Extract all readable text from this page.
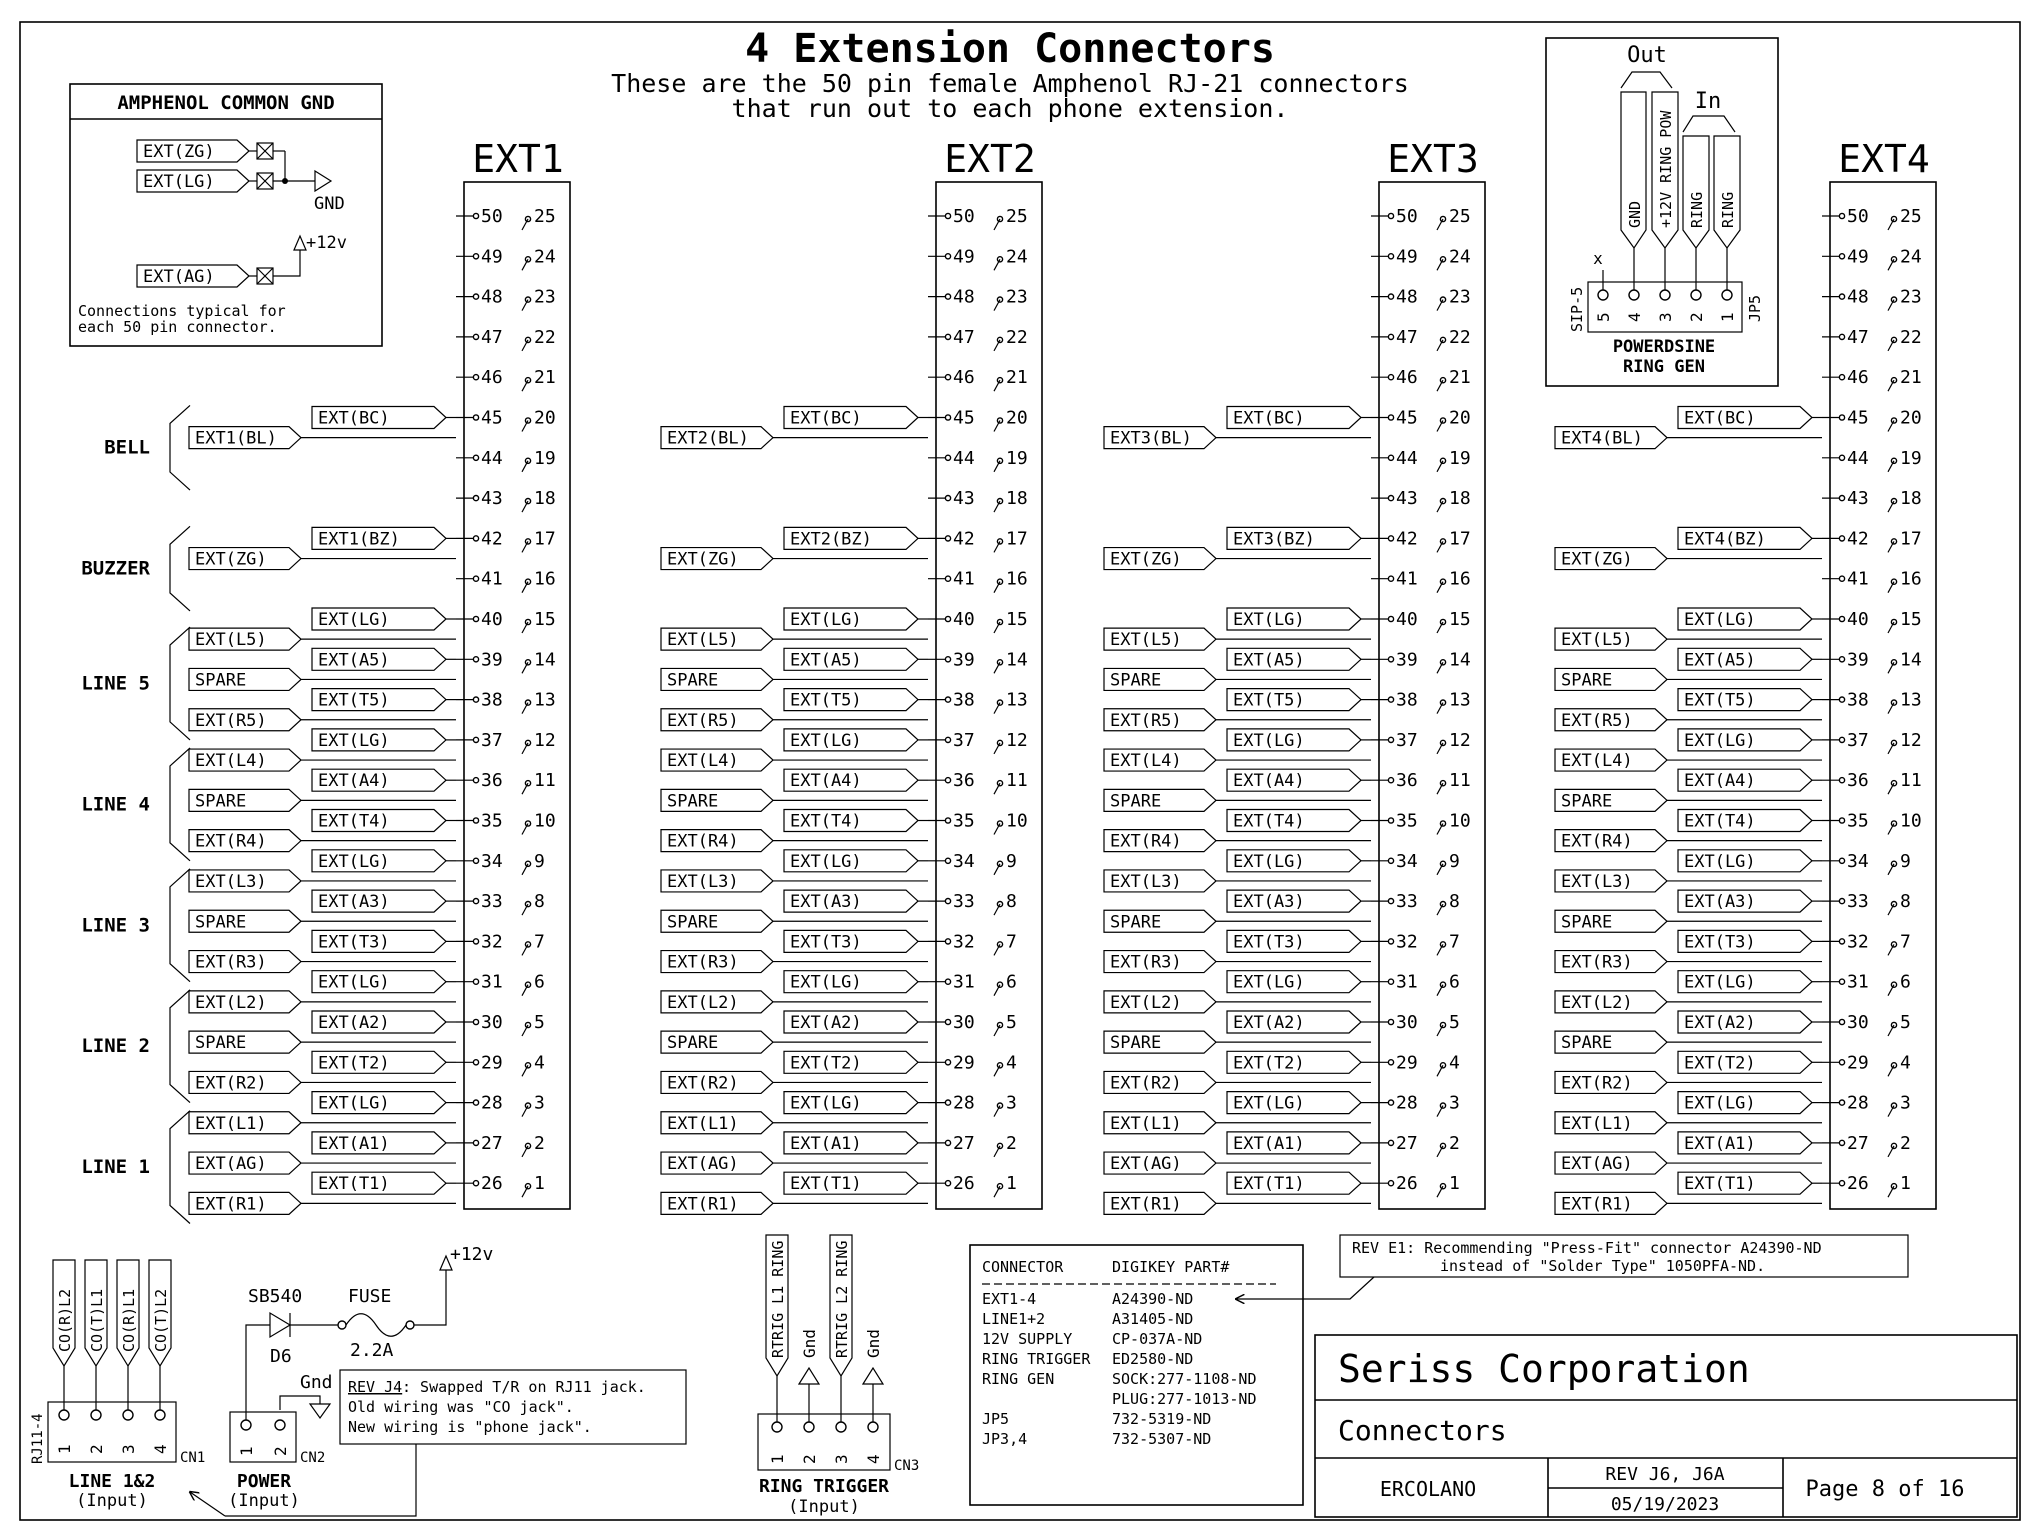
4 Extension Connectors
These are the 50 pin female Amphenol RJ-21 connectors
that run out to each phone extension.
AMPHENOL COMMON GND
EXT(ZG)
EXT(LG)
GND
EXT(AG)
+12v
Connections typical for
each 50 pin connector.
BELL
BUZZER
LINE 5
LINE 4
LINE 3
LINE 2
LINE 1
EXT1
50 25
49 24
48 23
47 22
46 21
45 20
EXT(BC)
44 19
43 18
42 17
EXT1(BZ)
41 16
40 15
EXT(LG)
39 14
EXT(A5)
38 13
EXT(T5)
37 12
EXT(LG)
36 11
EXT(A4)
35 10
EXT(T4)
34 9
EXT(LG)
33 8
EXT(A3)
32 7
EXT(T3)
31 6
EXT(LG)
30 5
EXT(A2)
29 4
EXT(T2)
28 3
EXT(LG)
27 2
EXT(A1)
26 1
EXT(T1)
EXT1(BL)
EXT(ZG)
EXT(L5)
SPARE
EXT(R5)
EXT(L4)
SPARE
EXT(R4)
EXT(L3)
SPARE
EXT(R3)
EXT(L2)
SPARE
EXT(R2)
EXT(L1)
EXT(AG)
EXT(R1)
EXT2
50 25
49 24
48 23
47 22
46 21
45 20
EXT(BC)
44 19
43 18
42 17
EXT2(BZ)
41 16
40 15
EXT(LG)
39 14
EXT(A5)
38 13
EXT(T5)
37 12
EXT(LG)
36 11
EXT(A4)
35 10
EXT(T4)
34 9
EXT(LG)
33 8
EXT(A3)
32 7
EXT(T3)
31 6
EXT(LG)
30 5
EXT(A2)
29 4
EXT(T2)
28 3
EXT(LG)
27 2
EXT(A1)
26 1
EXT(T1)
EXT2(BL)
EXT(ZG)
EXT(L5)
SPARE
EXT(R5)
EXT(L4)
SPARE
EXT(R4)
EXT(L3)
SPARE
EXT(R3)
EXT(L2)
SPARE
EXT(R2)
EXT(L1)
EXT(AG)
EXT(R1)
EXT3
50 25
49 24
48 23
47 22
46 21
45 20
EXT(BC)
44 19
43 18
42 17
EXT3(BZ)
41 16
40 15
EXT(LG)
39 14
EXT(A5)
38 13
EXT(T5)
37 12
EXT(LG)
36 11
EXT(A4)
35 10
EXT(T4)
34 9
EXT(LG)
33 8
EXT(A3)
32 7
EXT(T3)
31 6
EXT(LG)
30 5
EXT(A2)
29 4
EXT(T2)
28 3
EXT(LG)
27 2
EXT(A1)
26 1
EXT(T1)
EXT3(BL)
EXT(ZG)
EXT(L5)
SPARE
EXT(R5)
EXT(L4)
SPARE
EXT(R4)
EXT(L3)
SPARE
EXT(R3)
EXT(L2)
SPARE
EXT(R2)
EXT(L1)
EXT(AG)
EXT(R1)
EXT4
50 25
49 24
48 23
47 22
46 21
45 20
EXT(BC)
44 19
43 18
42 17
EXT4(BZ)
41 16
40 15
EXT(LG)
39 14
EXT(A5)
38 13
EXT(T5)
37 12
EXT(LG)
36 11
EXT(A4)
35 10
EXT(T4)
34 9
EXT(LG)
33 8
EXT(A3)
32 7
EXT(T3)
31 6
EXT(LG)
30 5
EXT(A2)
29 4
EXT(T2)
28 3
EXT(LG)
27 2
EXT(A1)
26 1
EXT(T1)
EXT4(BL)
EXT(ZG)
EXT(L5)
SPARE
EXT(R5)
EXT(L4)
SPARE
EXT(R4)
EXT(L3)
SPARE
EXT(R3)
EXT(L2)
SPARE
EXT(R2)
EXT(L1)
EXT(AG)
EXT(R1)
Out
In
GND +12V RING POW RING RING
x
5 4 3 2 1
SIP-5	JP5
POWERDSINE
RING GEN
CO(R)L2 CO(T)L1 CO(R)L1 CO(T)L2
1 2 3 4
RJ11-4	CN1
LINE 1&2
(Input)
SB540	FUSE
+12v
2.2A
D6
Gnd
1 2 CN2
POWER
(Input)
REV J4 : Swapped T/R on RJ11 jack.
Old wiring was "CO jack".
New wiring is "phone jack".
RTRIG L1 RING Gnd RTRIG L2 RING Gnd
1 2 3 4 CN3
RING TRIGGER
(Input)
CONNECTOR	DIGIKEY PART#
EXT1-4	A24390-ND
LINE1+2	A31405-ND
12V SUPPLY	CP-037A-ND
RING TRIGGER ED2580-ND
RING GEN	SOCK:277-1108-ND
PLUG:277-1013-ND
JP5	732-5319-ND
JP3,4	732-5307-ND
REV E1: Recommending "Press-Fit" connector A24390-ND
instead of "Solder Type" 1050PFA-ND.
Seriss Corporation
Connectors
ERCOLANO
REV J6, J6A
05/19/2023
Page 8 of 16
